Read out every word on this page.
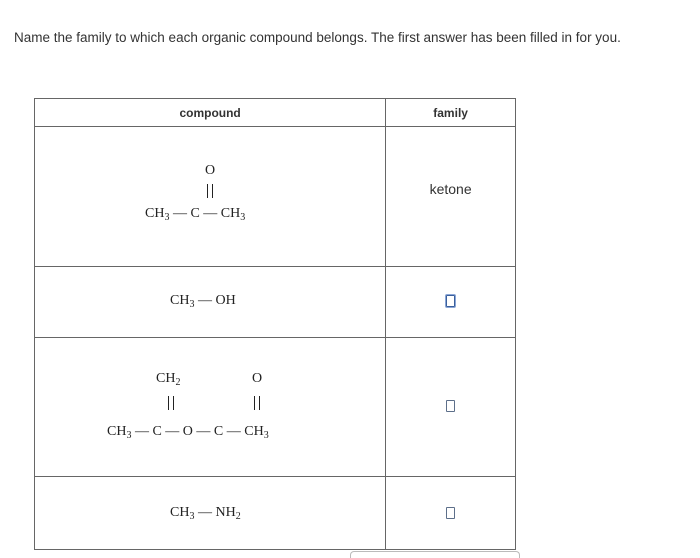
Name the family to which each organic compound belongs. The first answer has been filled in for you.
compound	family

O
$CH_3$ — C — $CH_3$	ketone

$CH_3$ — OH	

$CH_2$ O
$CH_3$ — C — O — C — $CH_3$

$CH_3$ — $NH_2$
